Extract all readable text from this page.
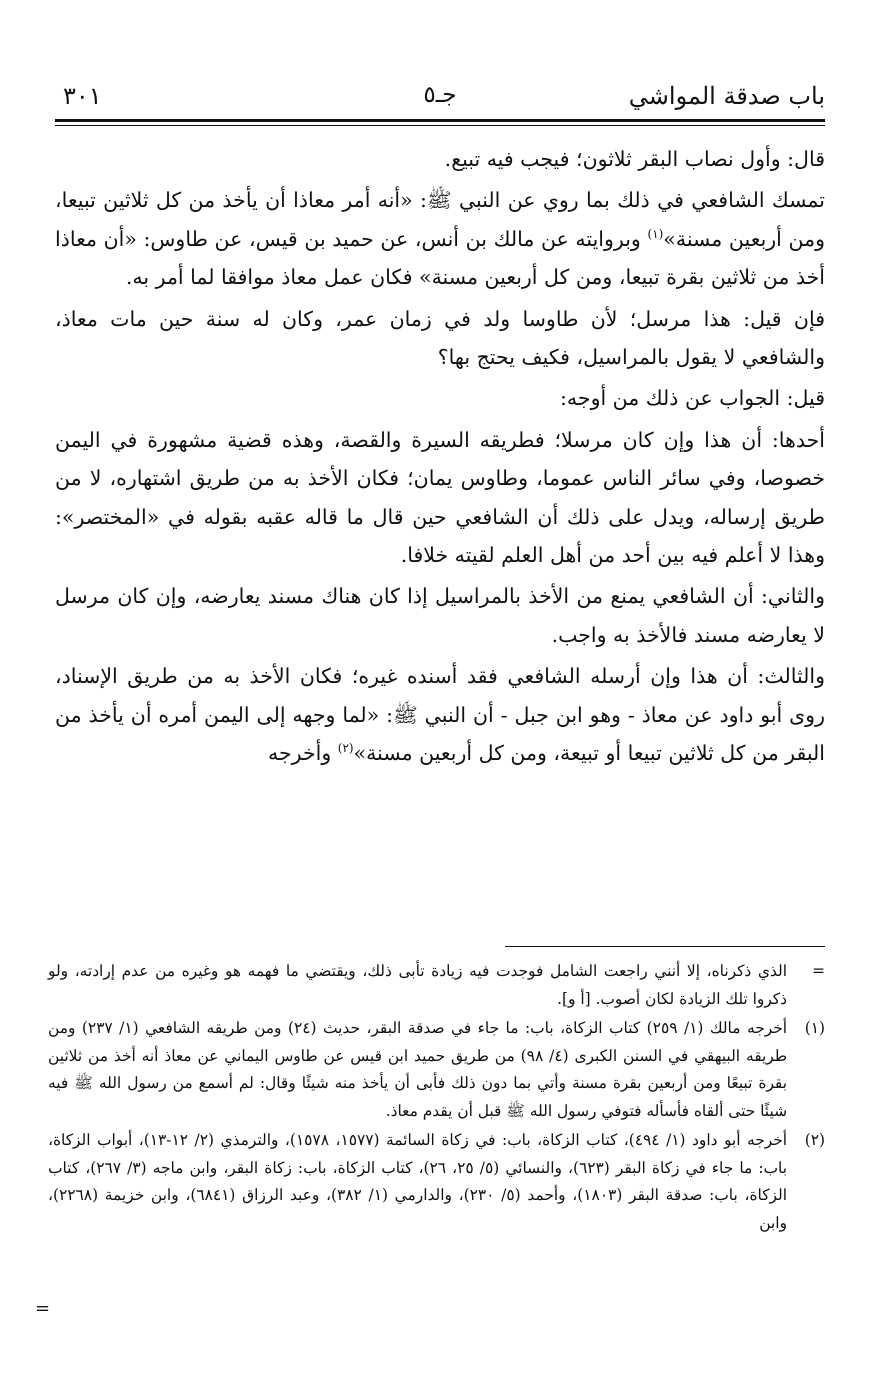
باب صدقة المواشي
جـ٥
٣٠١

قال: وأول نصاب البقر ثلاثون؛ فيجب فيه تبيع.

تمسك الشافعي في ذلك بما روي عن النبي ﷺ: «أنه أمر معاذا أن يأخذ من كل ثلاثين تبيعا، ومن أربعين مسنة»$^{(١)}$ وبروايته عن مالك بن أنس، عن حميد بن قيس، عن طاوس: «أن معاذا أخذ من ثلاثين بقرة تبيعا، ومن كل أربعين مسنة» فكان عمل معاذ موافقا لما أمر به.

فإن قيل: هذا مرسل؛ لأن طاوسا ولد في زمان عمر، وكان له سنة حين مات معاذ، والشافعي لا يقول بالمراسيل، فكيف يحتج بها؟

قيل: الجواب عن ذلك من أوجه:

أحدها: أن هذا وإن كان مرسلا؛ فطريقه السيرة والقصة، وهذه قضية مشهورة في اليمن خصوصا، وفي سائر الناس عموما، وطاوس يمان؛ فكان الأخذ به من طريق اشتهاره، لا من طريق إرساله، ويدل على ذلك أن الشافعي حين قال ما قاله عقبه بقوله في «المختصر»: وهذا لا أعلم فيه بين أحد من أهل العلم لقيته خلافا.

والثاني: أن الشافعي يمنع من الأخذ بالمراسيل إذا كان هناك مسند يعارضه، وإن كان مرسل لا يعارضه مسند فالأخذ به واجب.

والثالث: أن هذا وإن أرسله الشافعي فقد أسنده غيره؛ فكان الأخذ به من طريق الإسناد، روى أبو داود عن معاذ - وهو ابن جبل - أن النبي ﷺ: «لما وجهه إلى اليمن أمره أن يأخذ من البقر من كل ثلاثين تبيعا أو تبيعة، ومن كل أربعين مسنة»$^{(٢)}$ وأخرجه

=
الذي ذكرناه، إلا أنني راجعت الشامل فوجدت فيه زيادة تأبى ذلك، ويقتضي ما فهمه هو وغيره من عدم إرادته، ولو ذكروا تلك الزيادة لكان أصوب. [أ و].
(١)
أخرجه مالك (١/ ٢٥٩) كتاب الزكاة، باب: ما جاء في صدقة البقر، حديث (٢٤) ومن طريقه الشافعي (١/ ٢٣٧) ومن طريقه البيهقي في السنن الكبرى (٤/ ٩٨) من طريق حميد ابن قيس عن طاوس اليماني عن معاذ أنه أخذ من ثلاثين بقرة تبيعًا ومن أربعين بقرة مسنة وأتي بما دون ذلك فأبى أن يأخذ منه شيئًا وقال: لم أسمع من رسول الله ﷺ فيه شيئًا حتى ألقاه فأسأله فتوفي رسول الله ﷺ قبل أن يقدم معاذ.
(٢)
أخرجه أبو داود (١/ ٤٩٤)، كتاب الزكاة، باب: في زكاة السائمة (١٥٧٧، ١٥٧٨)، والترمذي (٢/ ١٢-١٣)، أبواب الزكاة، باب: ما جاء في زكاة البقر (٦٢٣)، والنسائي (٥/ ٢٥، ٢٦)، كتاب الزكاة، باب: زكاة البقر، وابن ماجه (٣/ ٢٦٧)، كتاب الزكاة، باب: صدقة البقر (١٨٠٣)، وأحمد (٥/ ٢٣٠)، والدارمي (١/ ٣٨٢)، وعبد الرزاق (٦٨٤١)، وابن خزيمة (٢٢٦٨)، وابن
=
